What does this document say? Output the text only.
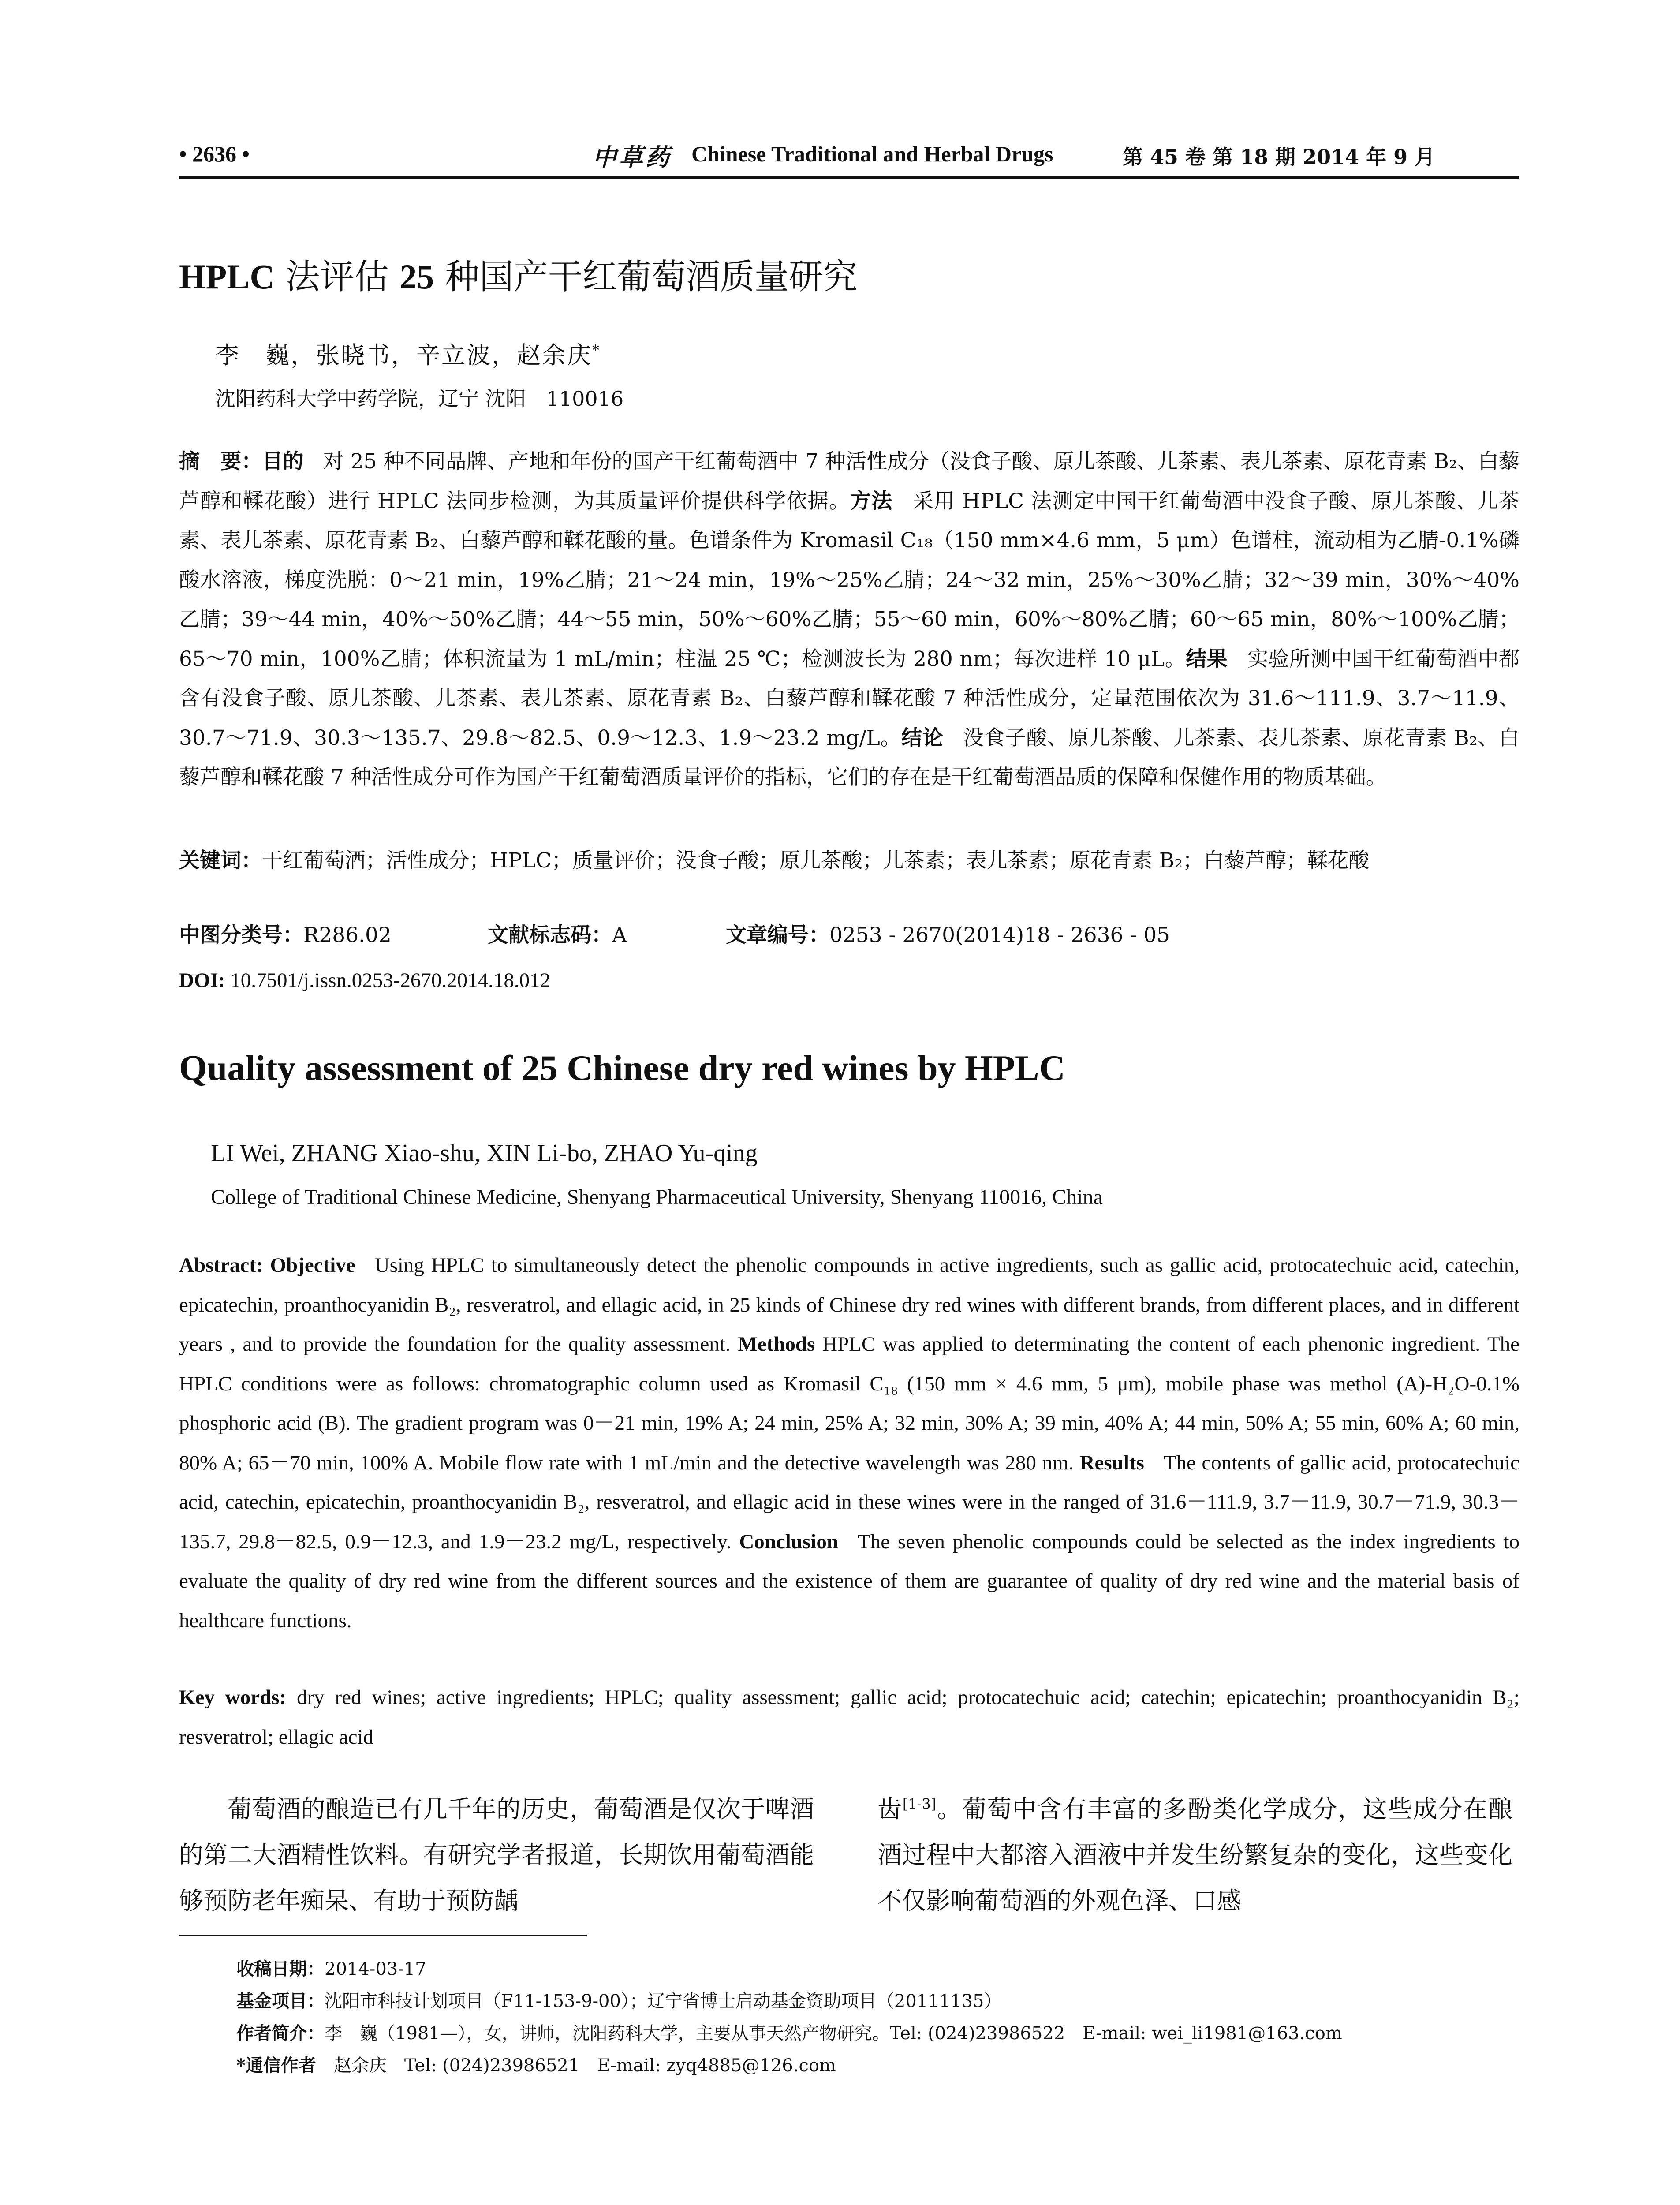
• 2636 •	中草药 Chinese Traditional and Herbal Drugs	第 45 卷 第 18 期 2014 年 9 月
HPLC 法评估 25 种国产干红葡萄酒质量研究
李　巍，张晓书，辛立波，赵余庆*
沈阳药科大学中药学院，辽宁 沈阳　110016
摘　要：目的 对 25 种不同品牌、产地和年份的国产干红葡萄酒中 7 种活性成分（没食子酸、原儿茶酸、儿茶素、表儿茶素、原花青素 B₂、白藜芦醇和鞣花酸）进行 HPLC 法同步检测，为其质量评价提供科学依据。方法 采用 HPLC 法测定中国干红葡萄酒中没食子酸、原儿茶酸、儿茶素、表儿茶素、原花青素 B₂、白藜芦醇和鞣花酸的量。色谱条件为 Kromasil C₁₈（150 mm×4.6 mm，5 μm）色谱柱，流动相为乙腈-0.1%磷酸水溶液，梯度洗脱：0～21 min，19%乙腈；21～24 min，19%～25%乙腈；24～32 min，25%～30%乙腈；32～39 min，30%～40%乙腈；39～44 min，40%～50%乙腈；44～55 min，50%～60%乙腈；55～60 min，60%～80%乙腈；60～65 min，80%～100%乙腈；65～70 min，100%乙腈；体积流量为 1 mL/min；柱温 25 ℃；检测波长为 280 nm；每次进样 10 μL。结果 实验所测中国干红葡萄酒中都含有没食子酸、原儿茶酸、儿茶素、表儿茶素、原花青素 B₂、白藜芦醇和鞣花酸 7 种活性成分，定量范围依次为 31.6～111.9、3.7～11.9、30.7～71.9、30.3～135.7、29.8～82.5、0.9～12.3、1.9～23.2 mg/L。结论 没食子酸、原儿茶酸、儿茶素、表儿茶素、原花青素 B₂、白藜芦醇和鞣花酸 7 种活性成分可作为国产干红葡萄酒质量评价的指标，它们的存在是干红葡萄酒品质的保障和保健作用的物质基础。
关键词：干红葡萄酒；活性成分；HPLC；质量评价；没食子酸；原儿茶酸；儿茶素；表儿茶素；原花青素 B₂；白藜芦醇；鞣花酸
中图分类号：R286.02	文献标志码：A	文章编号：0253 - 2670(2014)18 - 2636 - 05
DOI: 10.7501/j.issn.0253-2670.2014.18.012
Quality assessment of 25 Chinese dry red wines by HPLC
LI Wei, ZHANG Xiao-shu, XIN Li-bo, ZHAO Yu-qing
College of Traditional Chinese Medicine, Shenyang Pharmaceutical University, Shenyang 110016, China
Abstract: Objective Using HPLC to simultaneously detect the phenolic compounds in active ingredients, such as gallic acid, protocatechuic acid, catechin, epicatechin, proanthocyanidin B₂, resveratrol, and ellagic acid, in 25 kinds of Chinese dry red wines with different brands, from different places, and in different years , and to provide the foundation for the quality assessment. Methods HPLC was applied to determinating the content of each phenonic ingredient. The HPLC conditions were as follows: chromatographic column used as Kromasil C₁₈ (150 mm × 4.6 mm, 5 μm), mobile phase was methol (A)-H₂O-0.1% phosphoric acid (B). The gradient program was 0－21 min, 19% A; 24 min, 25% A; 32 min, 30% A; 39 min, 40% A; 44 min, 50% A; 55 min, 60% A; 60 min, 80% A; 65－70 min, 100% A. Mobile flow rate with 1 mL/min and the detective wavelength was 280 nm. Results The contents of gallic acid, protocatechuic acid, catechin, epicatechin, proanthocyanidin B₂, resveratrol, and ellagic acid in these wines were in the ranged of 31.6－111.9, 3.7－11.9, 30.7－71.9, 30.3－135.7, 29.8－82.5, 0.9－12.3, and 1.9－23.2 mg/L, respectively. Conclusion The seven phenolic compounds could be selected as the index ingredients to evaluate the quality of dry red wine from the different sources and the existence of them are guarantee of quality of dry red wine and the material basis of healthcare functions.
Key words: dry red wines; active ingredients; HPLC; quality assessment; gallic acid; protocatechuic acid; catechin; epicatechin; proanthocyanidin B₂; resveratrol; ellagic acid
葡萄酒的酿造已有几千年的历史，葡萄酒是仅次于啤酒的第二大酒精性饮料。有研究学者报道，长期饮用葡萄酒能够预防老年痴呆、有助于预防龋
齿[1-3]。葡萄中含有丰富的多酚类化学成分，这些成分在酿酒过程中大都溶入酒液中并发生纷繁复杂的变化，这些变化不仅影响葡萄酒的外观色泽、口感
收稿日期：2014-03-17
基金项目：沈阳市科技计划项目（F11-153-9-00）；辽宁省博士启动基金资助项目（20111135）
作者简介：李　巍（1981—），女，讲师，沈阳药科大学，主要从事天然产物研究。Tel: (024)23986522　E-mail: wei_li1981@163.com
*通信作者　 赵余庆　Tel: (024)23986521　E-mail: zyq4885@126.com
